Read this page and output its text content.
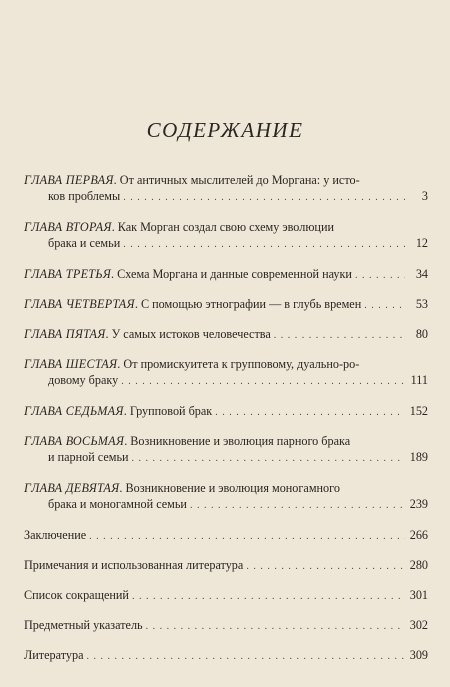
СОДЕРЖАНИЕ
ГЛАВА ПЕРВАЯ . От античных мыслителей до Моргана: у исто-
ков проблемы . . .	3
ГЛАВА ВТОРАЯ . Как Морган создал свою схему эволюции
брака и семьи . . .	12
ГЛАВА ТРЕТЬЯ . Схема Моргана и данные современной науки . . .	34
ГЛАВА ЧЕТВЕРТАЯ . С помощью этнографии — в глубь времен . . .	53
ГЛАВА ПЯТАЯ . У самых истоков человечества . . .	80
ГЛАВА ШЕСТАЯ . От промискуитета к групповому, дуально-ро-
довому браку . . .	111
ГЛАВА СЕДЬМАЯ . Групповой брак . . .	152
ГЛАВА ВОСЬМАЯ . Возникновение и эволюция парного брака
и парной семьи . . .	189
ГЛАВА ДЕВЯТАЯ . Возникновение и эволюция моногамного
брака и моногамной семьи . . .	239
Заключение . . .	266
Примечания и использованная литература . . .	280
Список сокращений . . .	301
Предметный указатель . . .	302
Литература . . .	309
